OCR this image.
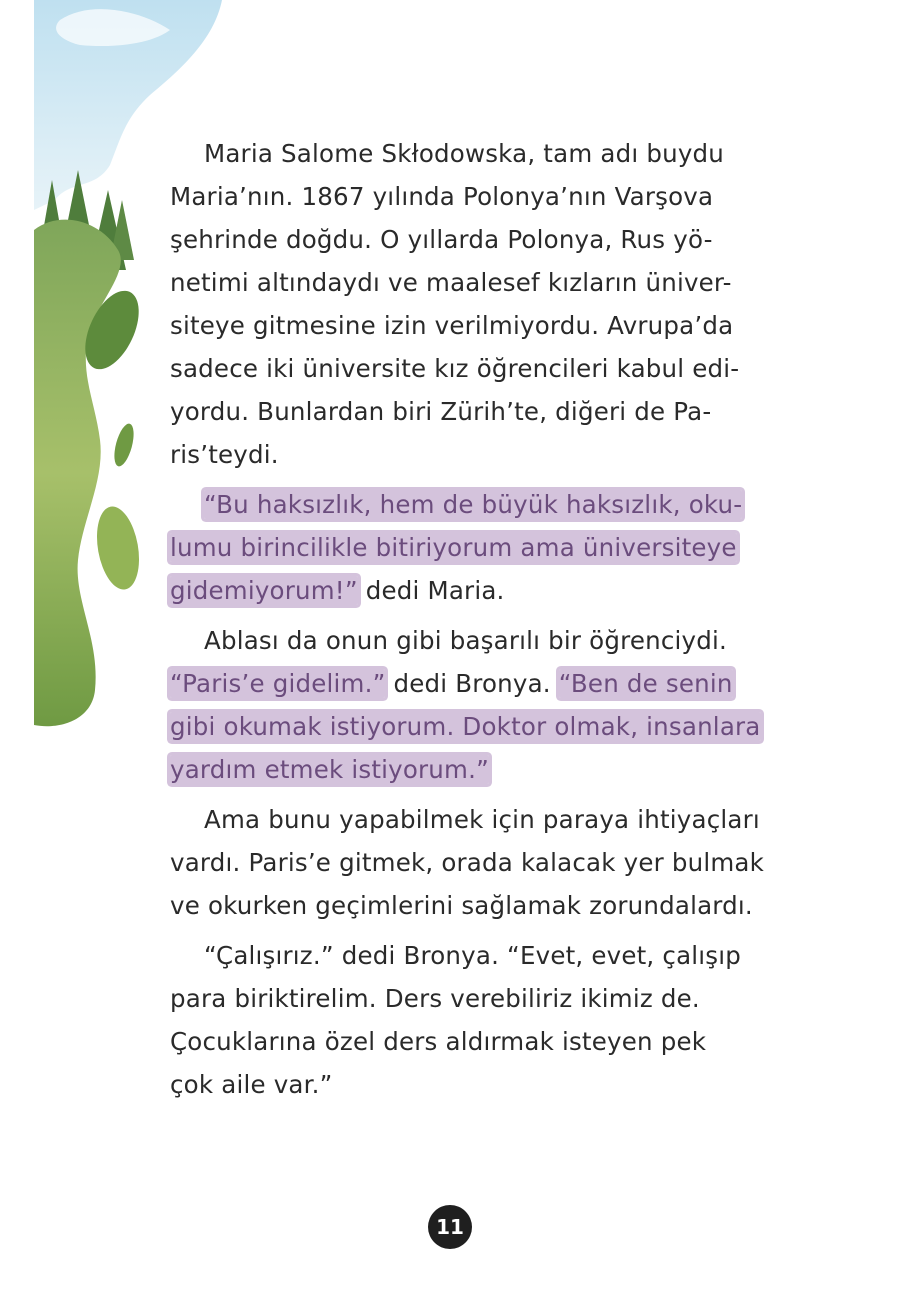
Maria Salome Skłodowska, tam adı buydu
Maria’nın. 1867 yılında Polonya’nın Varşova
şehrinde doğdu. O yıllarda Polonya, Rus yö-
netimi altındaydı ve maalesef kızların üniver-
siteye gitmesine izin verilmiyordu. Avrupa’da
sadece iki üniversite kız öğrencileri kabul edi-
yordu. Bunlardan biri Zürih’te, diğeri de Pa-
ris’teydi.

“Bu haksızlık, hem de büyük haksızlık, oku-
lumu birincilikle bitiriyorum ama üniversiteye
gidemiyorum!” dedi Maria.

Ablası da onun gibi başarılı bir öğrenciydi.
“Paris’e gidelim.” dedi Bronya. “Ben de senin
gibi okumak istiyorum. Doktor olmak, insanlara
yardım etmek istiyorum.”

Ama bunu yapabilmek için paraya ihtiyaçları
vardı. Paris’e gitmek, orada kalacak yer bulmak
ve okurken geçimlerini sağlamak zorundalardı.

“Çalışırız.” dedi Bronya. “Evet, evet, çalışıp
para biriktirelim. Ders verebiliriz ikimiz de.
Çocuklarına özel ders aldırmak isteyen pek
çok aile var.”

11
